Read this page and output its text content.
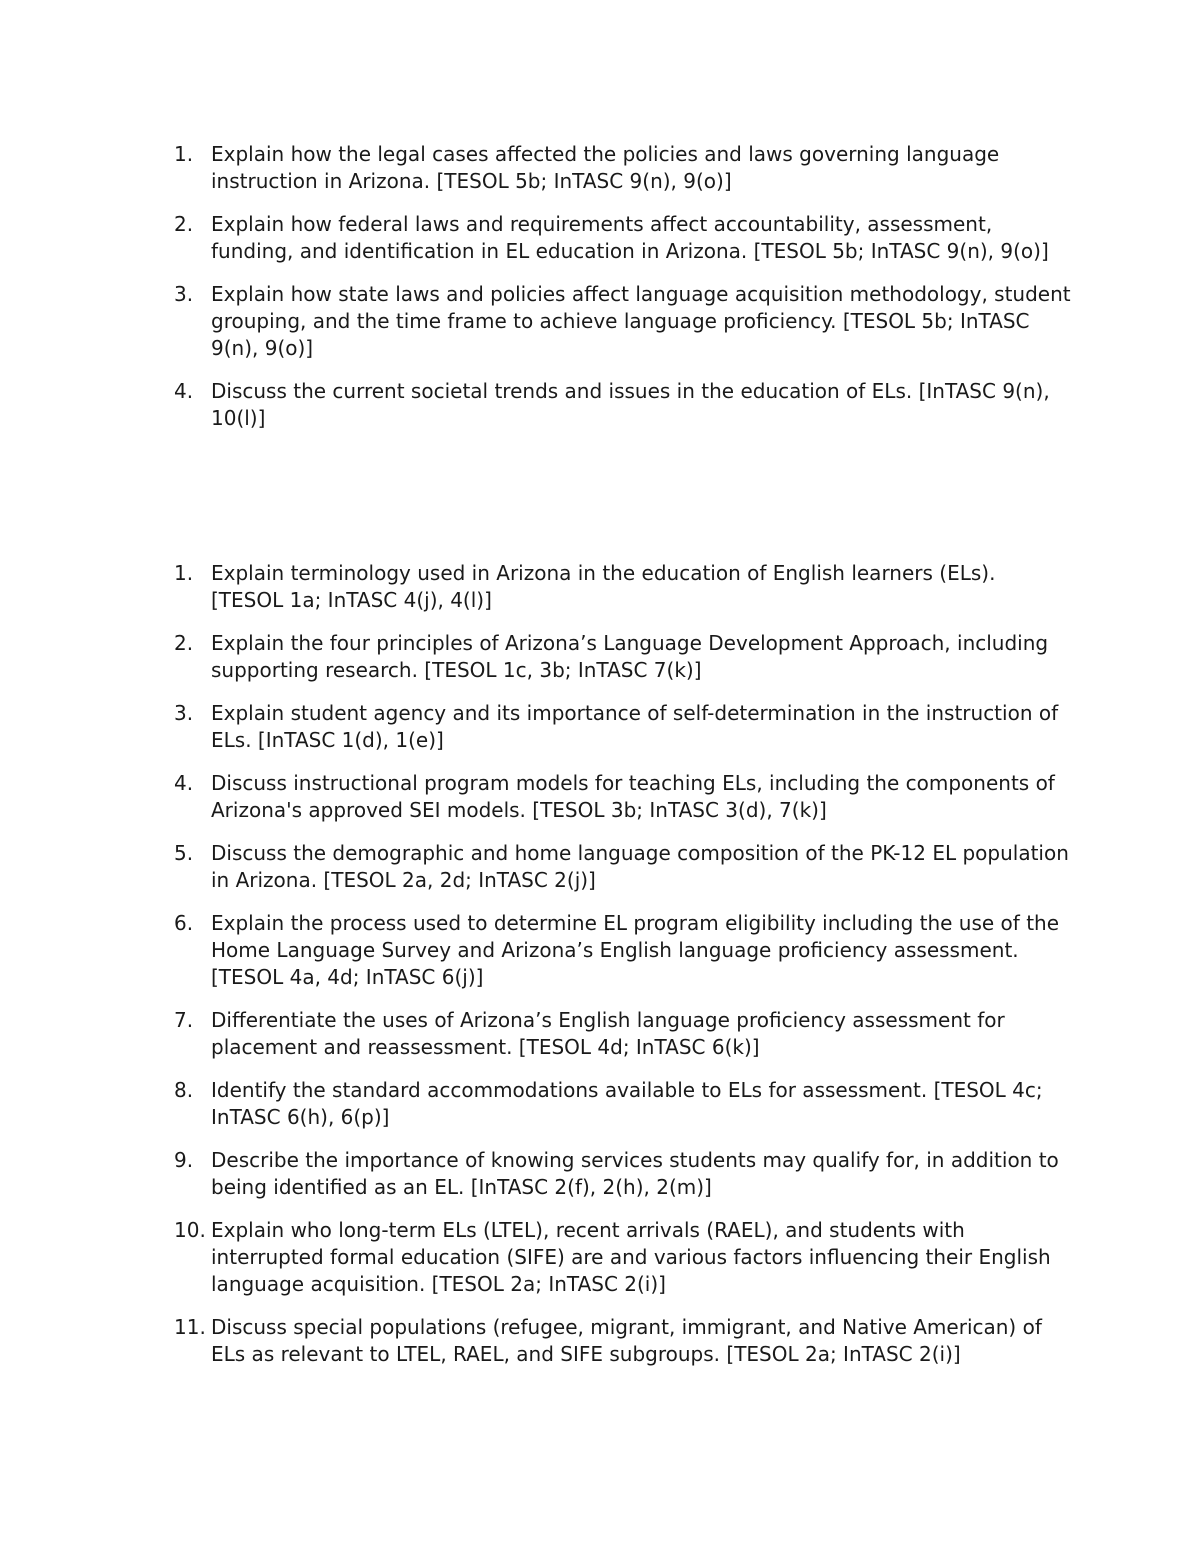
1. Explain how the legal cases affected the policies and laws governing language instruction in Arizona. [TESOL 5b; InTASC 9(n), 9(o)]
2. Explain how federal laws and requirements affect accountability, assessment, funding, and identification in EL education in Arizona. [TESOL 5b; InTASC 9(n), 9(o)]
3. Explain how state laws and policies affect language acquisition methodology, student grouping, and the time frame to achieve language proficiency. [TESOL 5b; InTASC 9(n), 9(o)]
4. Discuss the current societal trends and issues in the education of ELs. [InTASC 9(n), 10(l)]
1. Explain terminology used in Arizona in the education of English learners (ELs). [TESOL 1a; InTASC 4(j), 4(l)]
2. Explain the four principles of Arizona’s Language Development Approach, including supporting research. [TESOL 1c, 3b; InTASC 7(k)]
3. Explain student agency and its importance of self-determination in the instruction of ELs. [InTASC 1(d), 1(e)]
4. Discuss instructional program models for teaching ELs, including the components of Arizona's approved SEI models. [TESOL 3b; InTASC 3(d), 7(k)]
5. Discuss the demographic and home language composition of the PK-12 EL population in Arizona. [TESOL 2a, 2d; InTASC 2(j)]
6. Explain the process used to determine EL program eligibility including the use of the Home Language Survey and Arizona’s English language proficiency assessment. [TESOL 4a, 4d; InTASC 6(j)]
7. Differentiate the uses of Arizona’s English language proficiency assessment for placement and reassessment. [TESOL 4d; InTASC 6(k)]
8. Identify the standard accommodations available to ELs for assessment. [TESOL 4c; InTASC 6(h), 6(p)]
9. Describe the importance of knowing services students may qualify for, in addition to being identified as an EL. [InTASC 2(f), 2(h), 2(m)]
10. Explain who long-term ELs (LTEL), recent arrivals (RAEL), and students with interrupted formal education (SIFE) are and various factors influencing their English language acquisition. [TESOL 2a; InTASC 2(i)]
11. Discuss special populations (refugee, migrant, immigrant, and Native American) of ELs as relevant to LTEL, RAEL, and SIFE subgroups. [TESOL 2a; InTASC 2(i)]
